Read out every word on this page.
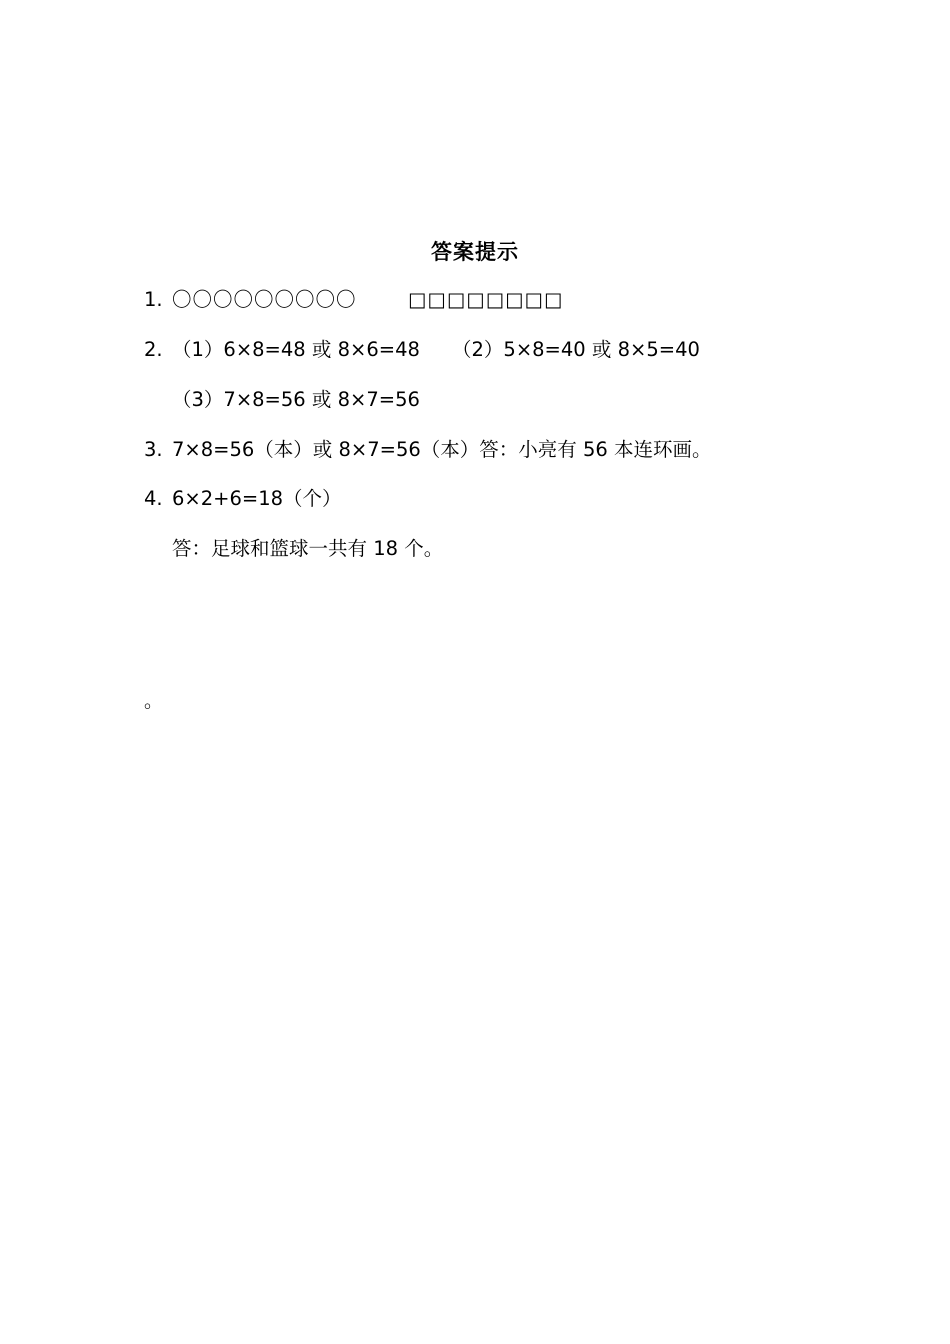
答案提示
1. 〇〇〇〇〇〇〇〇〇	□□□□□□□□
2. （1）6×8=48 或 8×6=48 （2）5×8=40 或 8×5=40
（3）7×8=56 或 8×7=56
3. 7×8=56（本）或 8×7=56（本）答：小亮有 56 本连环画。
4. 6×2+6=18（个）
答：足球和篮球一共有 18 个。
。
